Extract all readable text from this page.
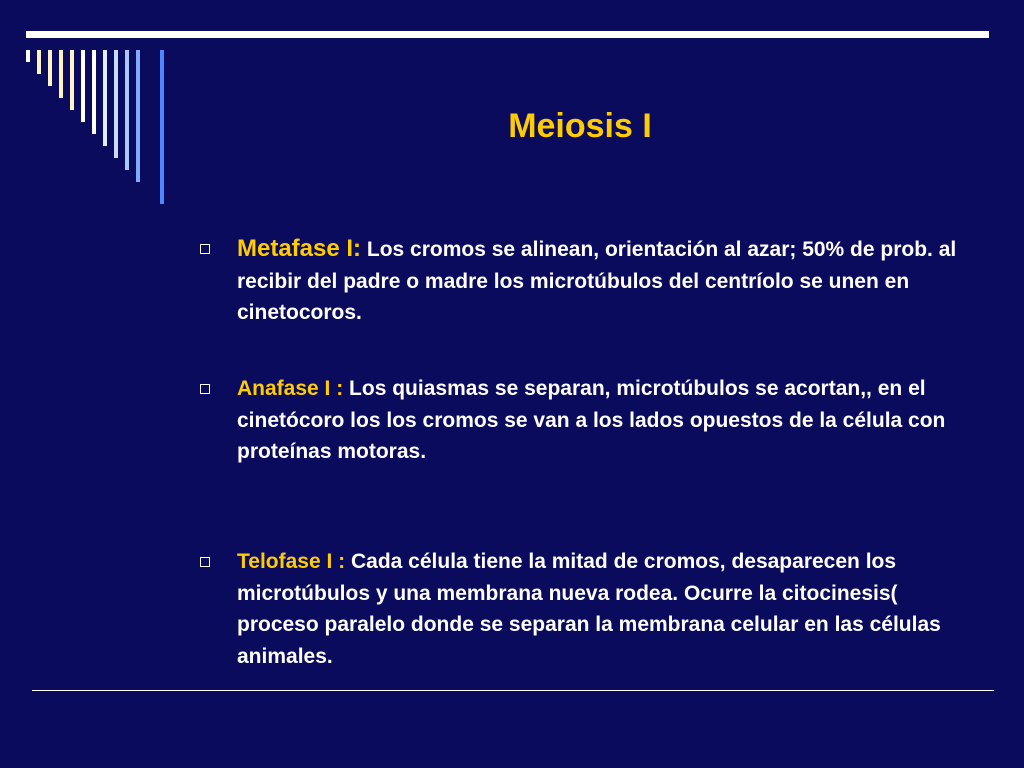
Meiosis I
Metafase I: Los cromos se alinean, orientación al azar; 50% de prob. al recibir del padre o madre los microtúbulos del centríolo se unen en cinetocoros.
Anafase I : Los quiasmas se separan, microtúbulos se acortan,, en el cinetócoro los los cromos se van a los lados opuestos de la célula con proteínas motoras.
Telofase I : Cada célula tiene la mitad de cromos, desaparecen los microtúbulos y una membrana nueva rodea. Ocurre la citocinesis( proceso paralelo donde se separan la membrana celular en las células animales.
